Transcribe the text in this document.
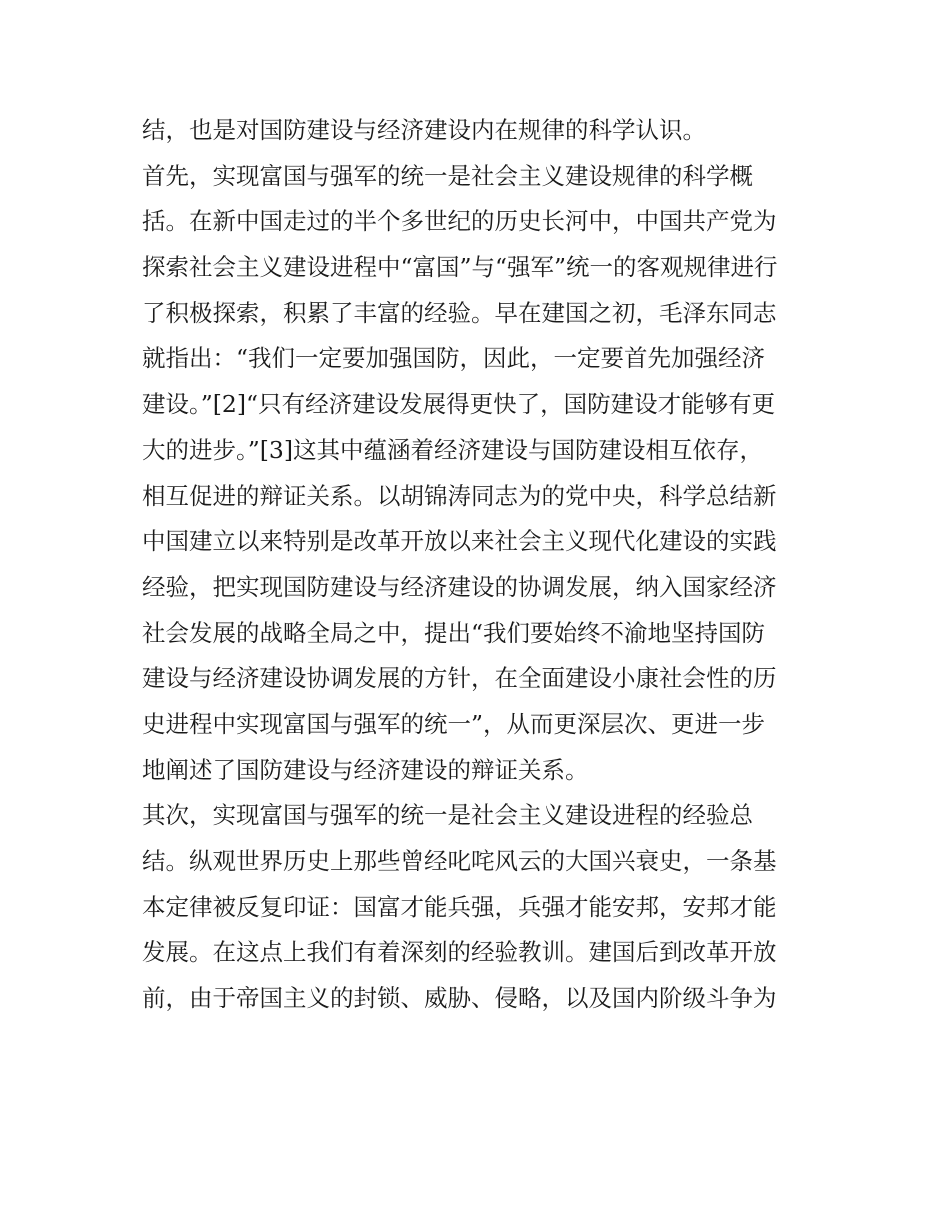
结，也是对国防建设与经济建设内在规律的科学认识。
首先，实现富国与强军的统一是社会主义建设规律的科学概
括。在新中国走过的半个多世纪的历史长河中，中国共产党为
探索社会主义建设进程中“富国”与“强军”统一的客观规律进行
了积极探索，积累了丰富的经验。早在建国之初，毛泽东同志
就指出：“我们一定要加强国防，因此，一定要首先加强经济
建设。”[2]“只有经济建设发展得更快了，国防建设才能够有更
大的进步。”[3]这其中蕴涵着经济建设与国防建设相互依存，
相互促进的辩证关系。以胡锦涛同志为的党中央，科学总结新
中国建立以来特别是改革开放以来社会主义现代化建设的实践
经验，把实现国防建设与经济建设的协调发展，纳入国家经济
社会发展的战略全局之中，提出“我们要始终不渝地坚持国防
建设与经济建设协调发展的方针，在全面建设小康社会性的历
史进程中实现富国与强军的统一”，从而更深层次、更进一步
地阐述了国防建设与经济建设的辩证关系。
其次，实现富国与强军的统一是社会主义建设进程的经验总
结。纵观世界历史上那些曾经叱咤风云的大国兴衰史，一条基
本定律被反复印证：国富才能兵强，兵强才能安邦，安邦才能
发展。在这点上我们有着深刻的经验教训。建国后到改革开放
前，由于帝国主义的封锁、威胁、侵略，以及国内阶级斗争为
